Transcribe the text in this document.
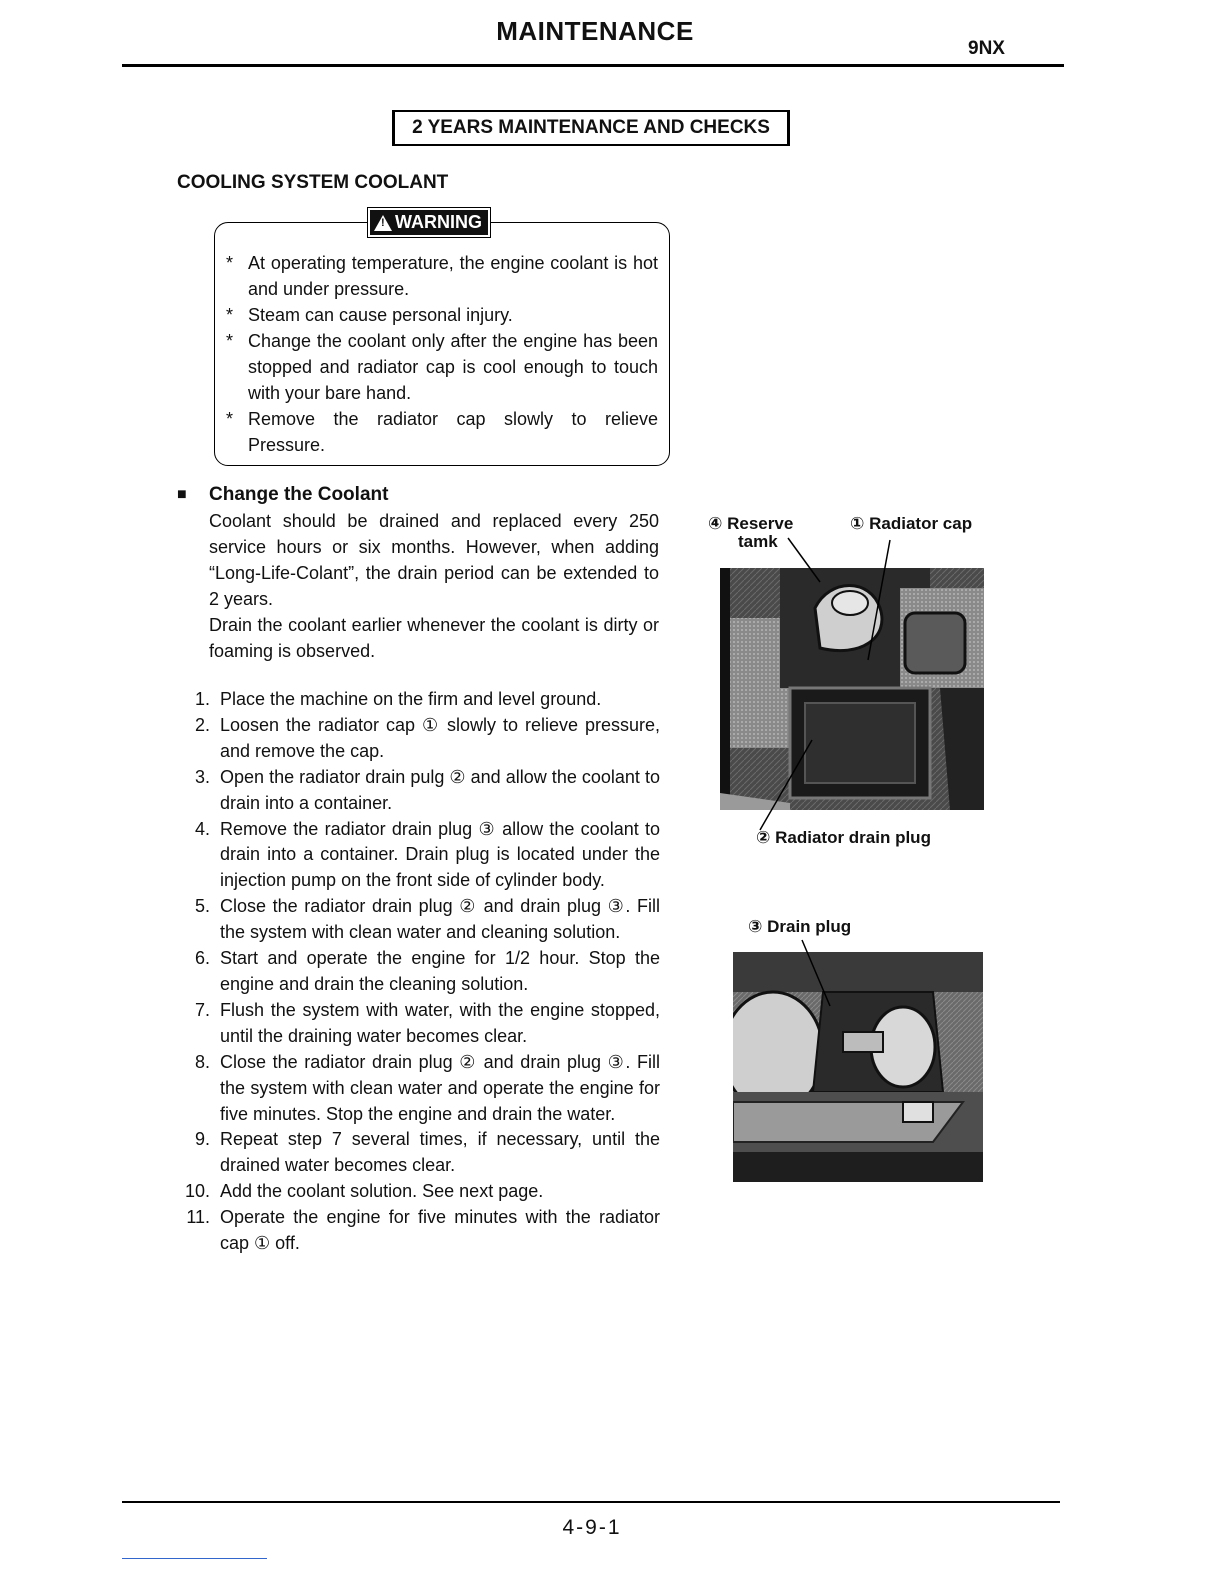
MAINTENANCE
9NX
2 YEARS MAINTENANCE AND CHECKS
COOLING SYSTEM COOLANT
!
WARNING
* At operating temperature, the engine coolant is hot and under pressure.
* Steam can cause personal injury.
* Change the coolant only after the engine has been stopped and radiator cap is cool enough to touch with your bare hand.
* Remove the radiator cap slowly to relieve Pressure.
■	Change the Coolant
Coolant should be drained and replaced every 250 service hours or six months. However, when adding “Long-Life-Colant”, the drain period can be extended to 2 years.
Drain the coolant earlier whenever the coolant is dirty or foaming is observed.
1. Place the machine on the firm and level ground.
2. Loosen the radiator cap ① slowly to relieve pressure, and remove the cap.
3. Open the radiator drain pulg ② and allow the coolant to drain into a container.
4. Remove the radiator drain plug ③ allow the coolant to drain into a container. Drain plug is located under the injection pump on the front side of cylinder body.
5. Close the radiator drain plug ② and drain plug ③. Fill the system with clean water and cleaning solution.
6. Start and operate the engine for 1/2 hour. Stop the engine and drain the cleaning solution.
7. Flush the system with water, with the engine stopped, until the draining water becomes clear.
8. Close the radiator drain plug ② and drain plug ③. Fill the system with clean water and operate the engine for five minutes. Stop the engine and drain the water.
9. Repeat step 7 several times, if necessary, until the drained water becomes clear.
10. Add the coolant solution. See next page.
11. Operate the engine for five minutes with the radiator cap ① off.
④ Reserve
tamk
① Radiator cap
② Radiator drain plug
③ Drain plug
4-9-1
